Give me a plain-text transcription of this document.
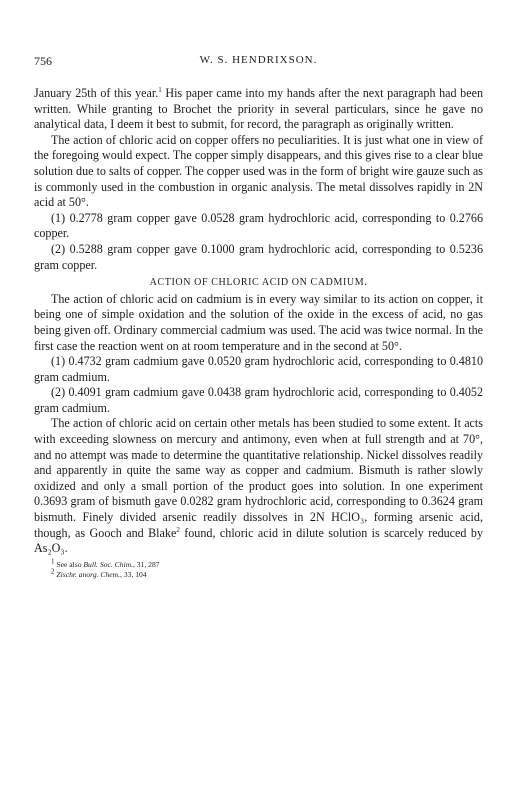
756	W. S. HENDRIXSON.

January 25th of this year.$^1$ His paper came into my hands after the next paragraph had been written. While granting to Brochet the priority in several particulars, since he gave no analytical data, I deem it best to submit, for record, the paragraph as originally written.

The action of chloric acid on copper offers no peculiarities. It is just what one in view of the foregoing would expect. The copper simply disappears, and this gives rise to a clear blue solution due to salts of copper. The copper used was in the form of bright wire gauze such as is commonly used in the combustion in organic analysis. The metal dissolves rapidly in 2N acid at 50°.

(1) 0.2778 gram copper gave 0.0528 gram hydrochloric acid, corresponding to 0.2766 copper.

(2) 0.5288 gram copper gave 0.1000 gram hydrochloric acid, corresponding to 0.5236 gram copper.

ACTION OF CHLORIC ACID ON CADMIUM.

The action of chloric acid on cadmium is in every way similar to its action on copper, it being one of simple oxidation and the solution of the oxide in the excess of acid, no gas being given off. Ordinary commercial cadmium was used. The acid was twice normal. In the first case the reaction went on at room temperature and in the second at 50°.

(1) 0.4732 gram cadmium gave 0.0520 gram hydrochloric acid, corresponding to 0.4810 gram cadmium.

(2) 0.4091 gram cadmium gave 0.0438 gram hydrochloric acid, corresponding to 0.4052 gram cadmium.

The action of chloric acid on certain other metals has been studied to some extent. It acts with exceeding slowness on mercury and antimony, even when at full strength and at 70°, and no attempt was made to determine the quantitative relationship. Nickel dissolves readily and apparently in quite the same way as copper and cadmium. Bismuth is rather slowly oxidized and only a small portion of the product goes into solution. In one experiment 0.3693 gram of bismuth gave 0.0282 gram hydrochloric acid, corresponding to 0.3624 gram bismuth. Finely divided arsenic readily dissolves in 2N HClO₃, forming arsenic acid, though, as Gooch and Blake$^2$ found, chloric acid in dilute solution is scarcely reduced by As₂O₃.

$^1$ See also Bull. Soc. Chim., 31, 287
$^2$ Zischr. anorg. Chem., 33, 104
